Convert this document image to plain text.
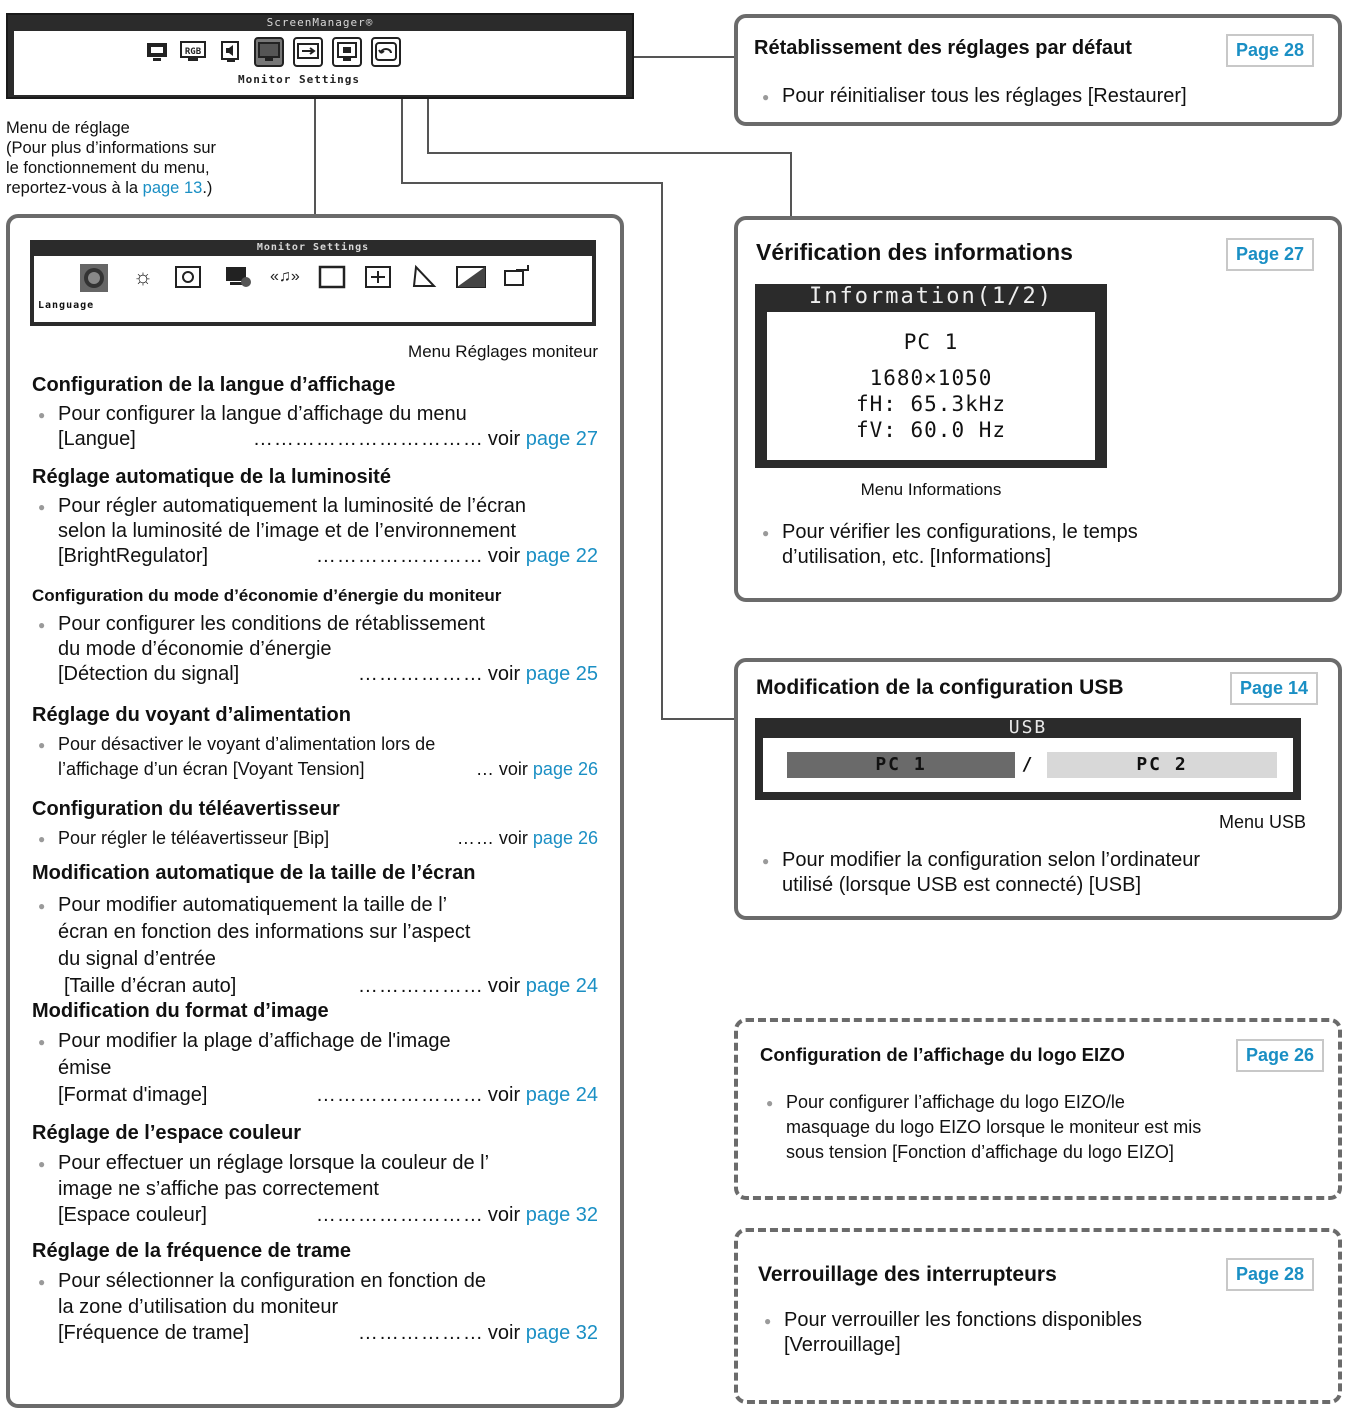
ScreenManager®
RGB
Monitor Settings
Menu de réglage
(Pour plus d’informations sur
le fonctionnement du menu,
reportez-vous à la page 13.)
Monitor Settings
☼	«♫»
Language
Menu Réglages moniteur
Configuration de la langue d’affichage
● Pour configurer la langue d’affichage du menu
[Langue]	…………………………… voir
page 27
Réglage automatique de la luminosité
● Pour régler automatiquement la luminosité de l’écran
selon la luminosité de l’image et de l’environnement
[BrightRegulator]	…………………… voir
page 22
Configuration du mode d’économie d’énergie du moniteur
● Pour configurer les conditions de rétablissement
du mode d’économie d’énergie
[Détection du signal]	……………… voir
page 25
Réglage du voyant d’alimentation
● Pour désactiver le voyant d’alimentation lors de
l’affichage d’un écran [Voyant Tension]	… voir
page 26
Configuration du téléavertisseur
● Pour régler le téléavertisseur [Bip]	…… voir
page 26
Modification automatique de la taille de l’écran
● Pour modifier automatiquement la taille de l’
écran en fonction des informations sur l’aspect
du signal d’entrée
[Taille d’écran auto]	……………… voir
page 24
Modification du format d’image
● Pour modifier la plage d’affichage de l'image
émise
[Format d'image]	…………………… voir
page 24
Réglage de l’espace couleur
● Pour effectuer un réglage lorsque la couleur de l’
image ne s’affiche pas correctement
[Espace couleur]	…………………… voir
page 32
Réglage de la fréquence de trame
● Pour sélectionner la configuration en fonction de
la zone d’utilisation du moniteur
[Fréquence de trame]	……………… voir
page 32
Rétablissement des réglages par défaut	Page 28
● Pour réinitialiser tous les réglages [Restaurer]
Vérification des informations	Page 27
Information(1/2)
PC 1
1680×1050
fH: 65.3kHz
fV: 60.0 Hz
Menu Informations
● Pour vérifier les configurations, le temps
d’utilisation, etc. [Informations]
Modification de la configuration USB	Page 14
USB
PC 1	/	PC 2
Menu USB
● Pour modifier la configuration selon l’ordinateur
utilisé (lorsque USB est connecté) [USB]
Configuration de l’affichage du logo EIZO	Page 26
● Pour configurer l’affichage du logo EIZO/le
masquage du logo EIZO lorsque le moniteur est mis
sous tension [Fonction d’affichage du logo EIZO]
Verrouillage des interrupteurs	Page 28
● Pour verrouiller les fonctions disponibles
[Verrouillage]
